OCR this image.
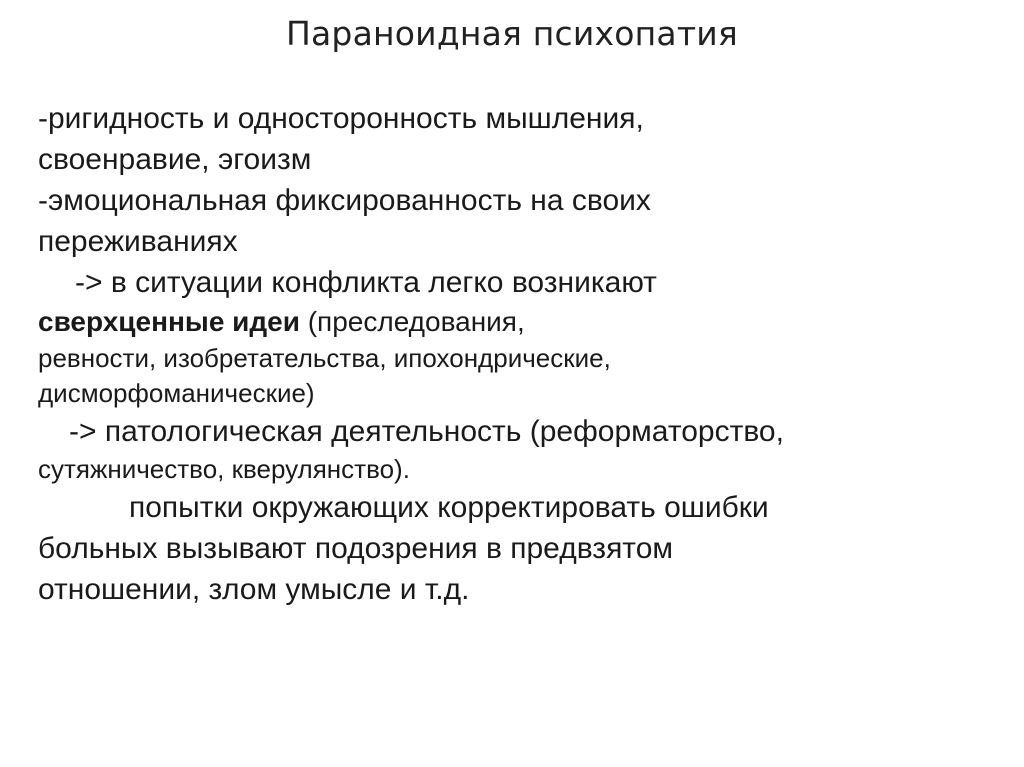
Параноидная психопатия
-ригидность и односторонность мышления,
своенравие, эгоизм
-эмоциональная фиксированность на своих
переживаниях
-> в ситуации конфликта легко возникают
сверхценные идеи (преследования,
ревности, изобретательства, ипохондрические,
дисморфоманические)
-> патологическая деятельность (реформаторство,
сутяжничество, кверулянство).
попытки окружающих корректировать ошибки
больных вызывают подозрения в предвзятом
отношении, злом умысле и т.д.
